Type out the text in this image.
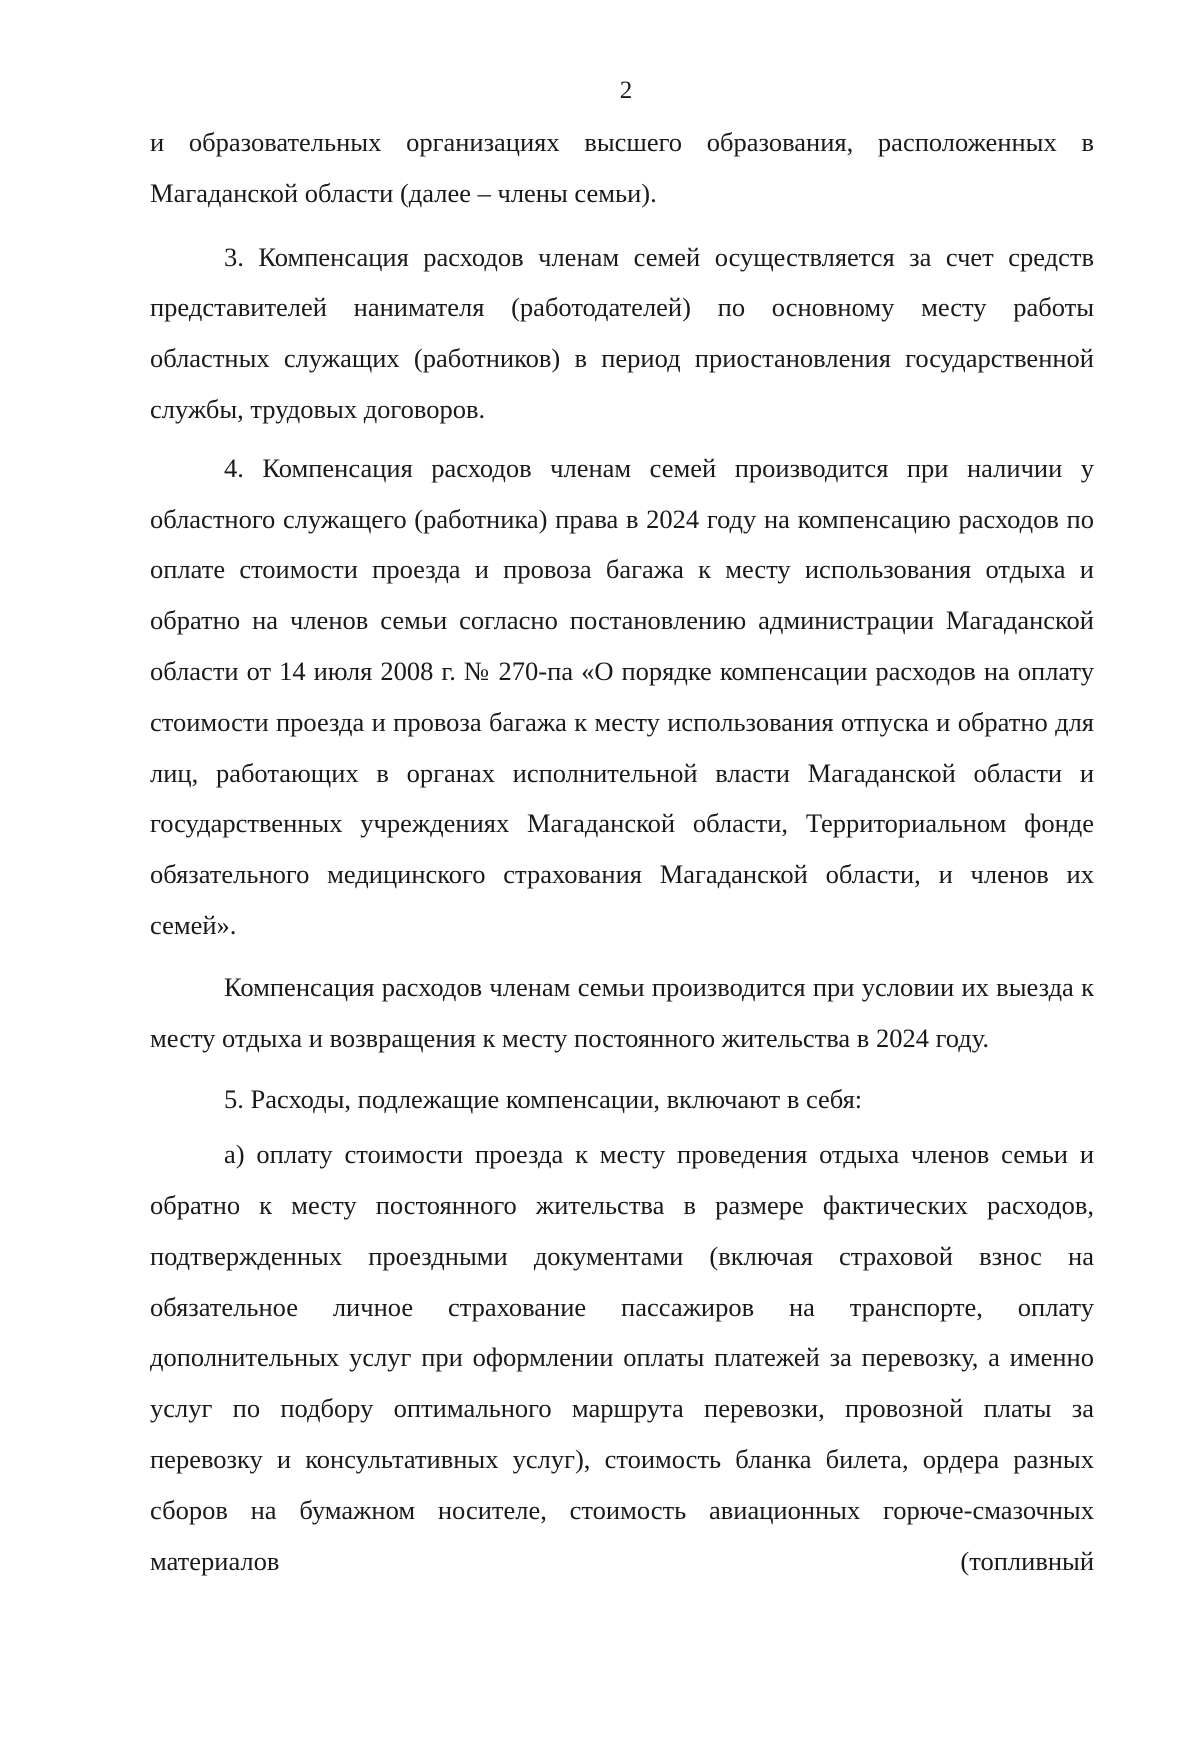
2

и образовательных организациях высшего образования, расположенных в Магаданской области (далее – члены семьи).

3. Компенсация расходов членам семей осуществляется за счет средств представителей нанимателя (работодателей) по основному месту работы областных служащих (работников) в период приостановления государственной службы, трудовых договоров.

4. Компенсация расходов членам семей производится при наличии у областного служащего (работника) права в 2024 году на компенсацию расходов по оплате стоимости проезда и провоза багажа к месту использования отдыха и обратно на членов семьи согласно постановлению администрации Магаданской области от 14 июля 2008 г. № 270-па «О порядке компенсации расходов на оплату стоимости проезда и провоза багажа к месту использования отпуска и обратно для лиц, работающих в органах исполнительной власти Магаданской области и государственных учреждениях Магаданской области, Территориальном фонде обязательного медицинского страхования Магаданской области, и членов их семей».

Компенсация расходов членам семьи производится при условии их выезда к месту отдыха и возвращения к месту постоянного жительства в 2024 году.

5. Расходы, подлежащие компенсации, включают в себя:

а) оплату стоимости проезда к месту проведения отдыха членов семьи и обратно к месту постоянного жительства в размере фактических расходов, подтвержденных проездными документами (включая страховой взнос на обязательное личное страхование пассажиров на транспорте, оплату дополнительных услуг при оформлении оплаты платежей за перевозку, а именно услуг по подбору оптимального маршрута перевозки, провозной платы за перевозку и консультативных услуг), стоимость бланка билета, ордера разных сборов на бумажном носителе, стоимость авиационных горюче-смазочных материалов (топливный
